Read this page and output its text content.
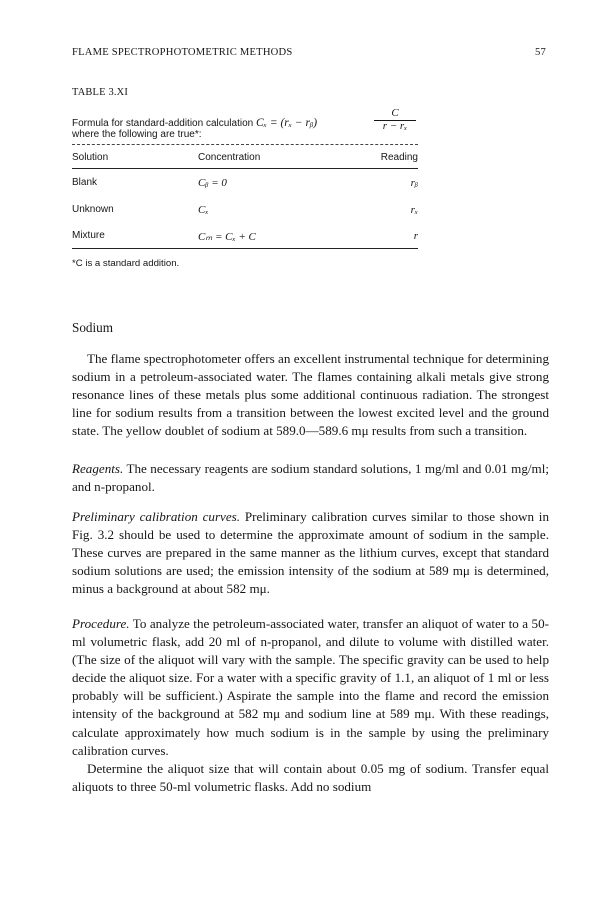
FLAME SPECTROPHOTOMETRIC METHODS	57
TABLE 3.XI
Formula for standard-addition calculation Cₓ = (rₓ − rᵦ)
C
r − rₓ
where the following are true*:
Solution	Concentration	Reading
Blank	Cᵦ = 0	rᵦ
Unknown	Cₓ	rₓ
Mixture	Cₘ = Cₓ + C	r
*C is a standard addition.
Sodium

The flame spectrophotometer offers an excellent instrumental technique for determining sodium in a petroleum-associated water. The flames containing alkali metals give strong resonance lines of these metals plus some additional continuous radiation. The strongest line for sodium results from a transition between the lowest excited level and the ground state. The yellow doublet of sodium at 589.0—589.6 mμ results from such a transition.

Reagents. The necessary reagents are sodium standard solutions, 1 mg/ml and 0.01 mg/ml; and n-propanol.

Preliminary calibration curves. Preliminary calibration curves similar to those shown in Fig. 3.2 should be used to determine the approximate amount of sodium in the sample. These curves are prepared in the same manner as the lithium curves, except that standard sodium solutions are used; the emission intensity of the sodium at 589 mμ is determined, minus a background at about 582 mμ.

Procedure. To analyze the petroleum-associated water, transfer an aliquot of water to a 50-ml volumetric flask, add 20 ml of n-propanol, and dilute to volume with distilled water. (The size of the aliquot will vary with the sample. The specific gravity can be used to help decide the aliquot size. For a water with a specific gravity of 1.1, an aliquot of 1 ml or less probably will be sufficient.) Aspirate the sample into the flame and record the emission intensity of the background at 582 mμ and sodium line at 589 mμ. With these readings, calculate approximately how much sodium is in the sample by using the preliminary calibration curves.

Determine the aliquot size that will contain about 0.05 mg of sodium. Transfer equal aliquots to three 50-ml volumetric flasks. Add no sodium
